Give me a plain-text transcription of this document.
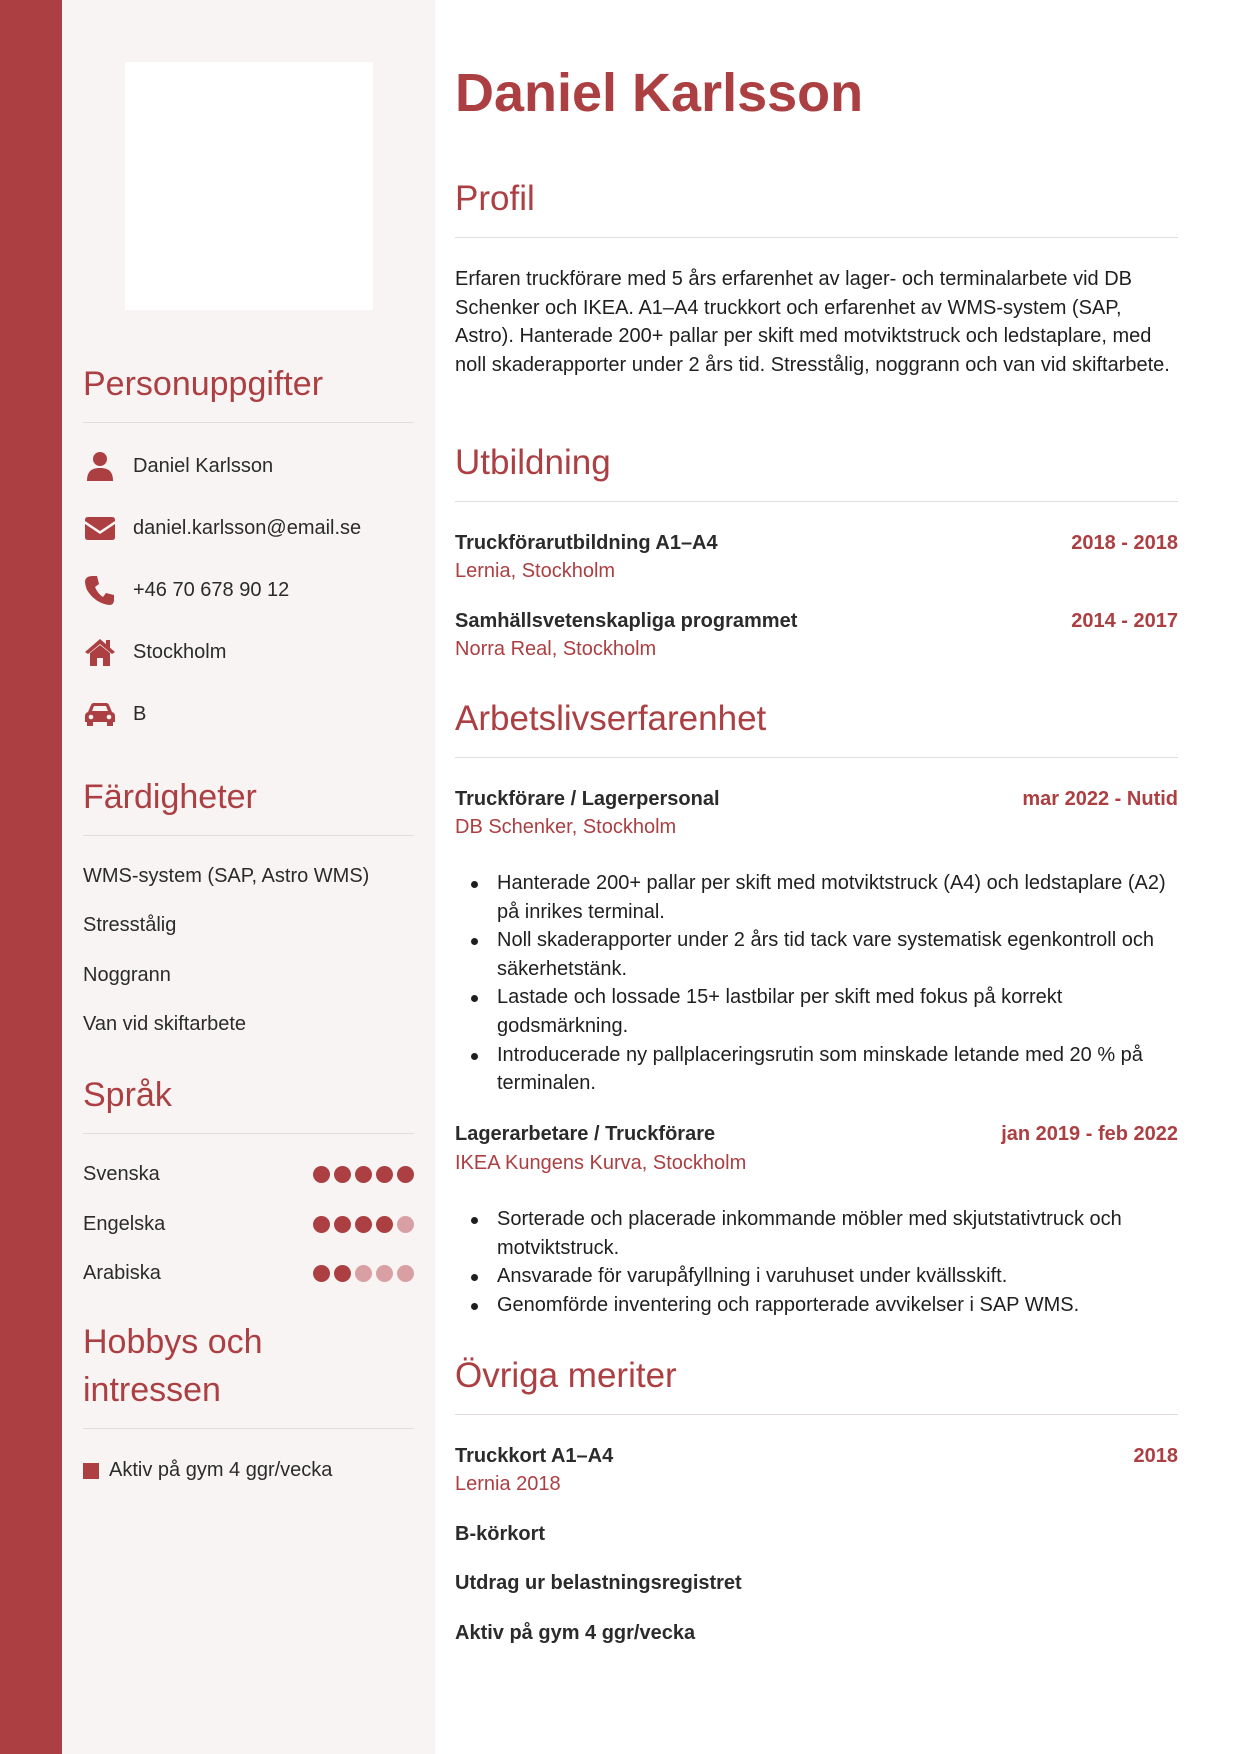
Personuppgifter
Daniel Karlsson
daniel.karlsson@email.se
+46 70 678 90 12
Stockholm
B
Färdigheter
WMS-system (SAP, Astro WMS)
Stresstålig
Noggrann
Van vid skiftarbete
Språk
Svenska
Engelska
Arabiska
Hobbys och
intressen
Aktiv på gym 4 ggr/vecka
Daniel Karlsson
Profil
Erfaren truckförare med 5 års erfarenhet av lager- och terminalarbete vid DB Schenker och IKEA. A1–A4 truckkort och erfarenhet av WMS-system (SAP, Astro). Hanterade 200+ pallar per skift med motviktstruck och ledstaplare, med noll skaderapporter under 2 års tid. Stresstålig, noggrann och van vid skiftarbete.
Utbildning
Truckförarutbildning A1–A4	2018 - 2018
Lernia, Stockholm
Samhällsvetenskapliga programmet	2014 - 2017
Norra Real, Stockholm
Arbetslivserfarenhet
Truckförare / Lagerpersonal	mar 2022 - Nutid
DB Schenker, Stockholm
Hanterade 200+ pallar per skift med motviktstruck (A4) och ledstaplare (A2) på inrikes terminal.
Noll skaderapporter under 2 års tid tack vare systematisk egenkontroll och säkerhetstänk.
Lastade och lossade 15+ lastbilar per skift med fokus på korrekt godsmärkning.
Introducerade ny pallplaceringsrutin som minskade letande med 20 % på terminalen.
Lagerarbetare / Truckförare	jan 2019 - feb 2022
IKEA Kungens Kurva, Stockholm
Sorterade och placerade inkommande möbler med skjutstativtruck och motviktstruck.
Ansvarade för varupåfyllning i varuhuset under kvällsskift.
Genomförde inventering och rapporterade avvikelser i SAP WMS.
Övriga meriter
Truckkort A1–A4	2018
Lernia 2018
B-körkort
Utdrag ur belastningsregistret
Aktiv på gym 4 ggr/vecka
